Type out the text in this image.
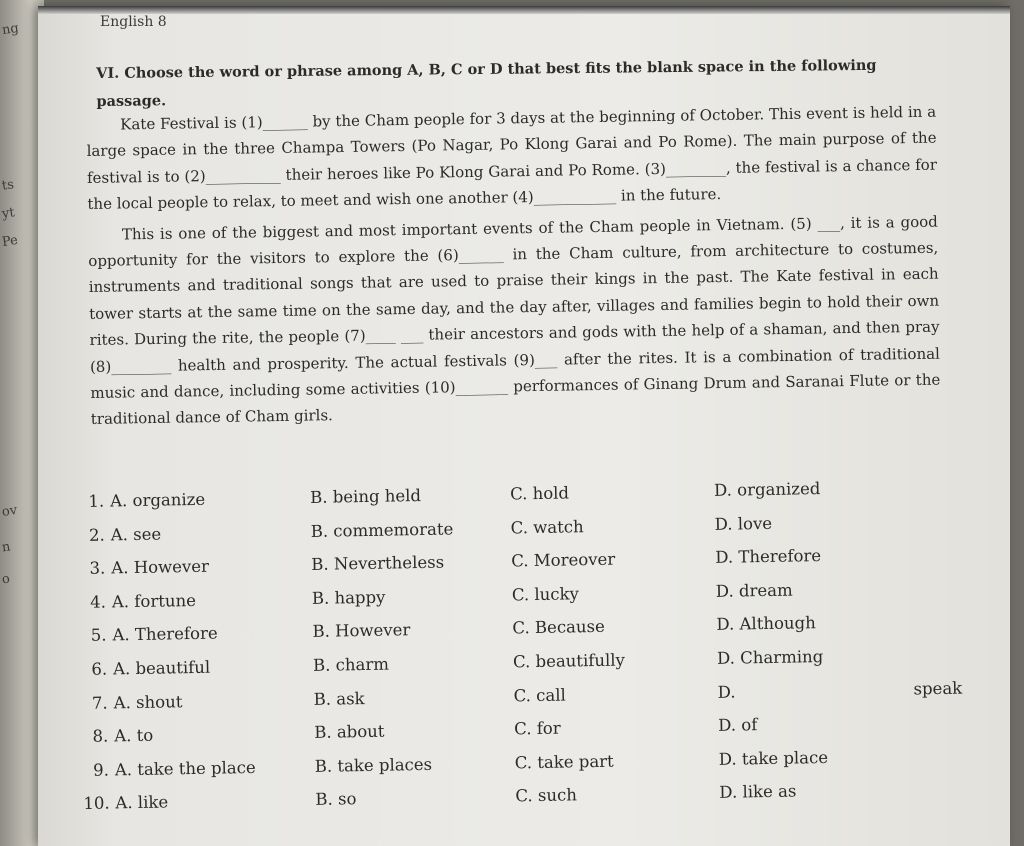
ng
ts
yt
Pe
ov
n
o
English 8
VI. Choose the word or phrase among A, B, C or D that best fits the blank space in the following passage.

Kate Festival is (1)______ by the Cham people for 3 days at the beginning of October. This event is held in a large space in the three Champa Towers (Po Nagar, Po Klong Garai and Po Rome). The main purpose of the festival is to (2)__________ their heroes like Po Klong Garai and Po Rome. (3)________, the festival is a chance for the local people to relax, to meet and wish one another (4)___________ in the future.

This is one of the biggest and most important events of the Cham people in Vietnam. (5) ___, it is a good opportunity for the visitors to explore the (6)______ in the Cham culture, from architecture to costumes, instruments and traditional songs that are used to praise their kings in the past. The Kate festival in each tower starts at the same time on the same day, and the day after, villages and families begin to hold their own rites. During the rite, the people (7)____ ___ their ancestors and gods with the help of a shaman, and then pray (8)________ health and prosperity. The actual festivals (9)___ after the rites. It is a combination of traditional music and dance, including some activities (10)_______ performances of Ginang Drum and Saranai Flute or the traditional dance of Cham girls.

1. A. organize	B. being held	C. hold	D. organized
2. A. see	B. commemorate	C. watch	D. love
3. A. However	B. Nevertheless	C. Moreover	D. Therefore
4. A. fortune	B. happy	C. lucky	D. dream
5. A. Therefore	B. However	C. Because	D. Although
6. A. beautiful	B. charm	C. beautifully	D. Charming
7. A. shout	B. ask	C. call	D.	speak
8. A. to	B. about	C. for	D. of
9. A. take the place	B. take places	C. take part	D. take place
10. A. like	B. so	C. such	D. like as
